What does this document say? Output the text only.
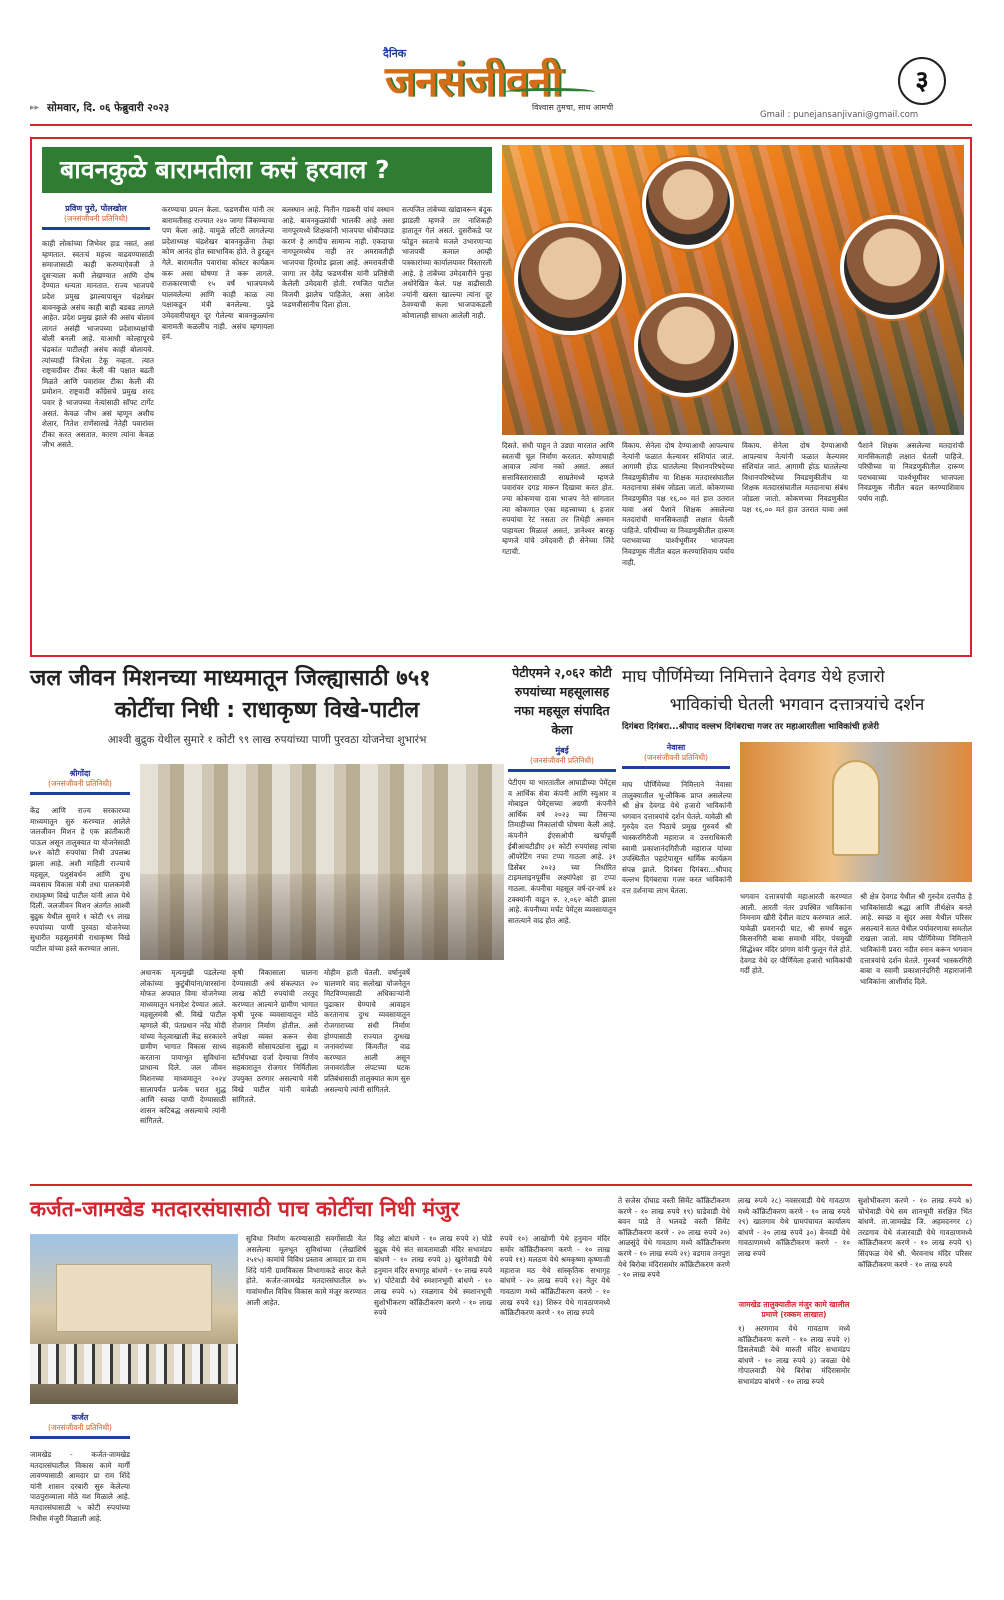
दैनिक
जनसंजीवनी
विश्वास तुमचा, साथ आमची
३
▸▸ सोमवार, दि. ०६ फेब्रुवारी २०२३
Gmail : punejansanjivani@gmail.com
बावनकुळे बारामतीला कसं हरवाल ?
प्रविण पुरो, पोलखोल
(जनसंजीवनी प्रतिनिधी)
काही लोकांच्या जिभेवर हाड नसतं, असं म्हणतात. स्वतःचं महत्त्व वाढवण्यासाठी समाजासाठी काही करण्याऐवजी ते दुसऱ्याला कमी लेखण्यात आणि दोष देण्यात धन्यता मानतात. राज्य भाजपचे प्रदेश प्रमुख झाल्यापासून चंद्रशेखर बावनकुळे असंच काही बाही बडबड लागले आहेत. प्रदेश प्रमुख झाले की असंच बोलावं लागतं असंही भाजपच्या प्रदेशाध्यक्षांची बोली बनली आहे. याआधी कोल्हापूरचे चंद्रकांत पाटीलही असंच काही बोलायचे. त्यांच्याही जिभेला टेकू नव्हता. त्यात राष्ट्रवादीवर टीका केली की पक्षात बढती मिळते आणि पवारांवर टीका केली की प्रमोशन. राष्ट्रवादी काँग्रेसचे प्रमुख शरद पवार हे भाजपच्या नेत्यांसाठी सॉफ्ट टार्गेट असतं. केवळ जीभ असं म्हणून अशीच शेलार, नितेश राणेंसारखे नेतेही पवारांवर टीका करत असतात. कारण त्यांना केवळ जीभ असते.
करण्याचा प्रयत्न केला. फडणवीस यांनी तर बारामतीसह राज्यात २४० जागा जिंकण्याचा पण केला आहे. यामुळे लॉटरी लागलेल्या प्रदेशाध्यक्ष चंद्रशेखर बावनकुळेंना तेव्हा कोण आनंद होत स्वाभाविक होते. ते हुरळून गेले. बारामतीत पवारांचा कोस्टर कार्यक्रम करू असा घोषणा ते करू लागले. राजकारणाची १५ वर्षं भाजपमध्ये घालवलेल्या आणि काही काळ त्या पक्षाकडून मंत्री बनलेल्या. पुढे उमेदवारीपासून दूर गेलेल्या बावनकुळ्यांना बारामती कळलीच नाही. असंच म्हणायला हवं.
बलस्थान आहे. नितीन गडकरी यांचं वस्थान आहे. बावनकुळ्यांची भालकी आहे असा नागपूरमध्ये शिक्षकांनी भाजपचा धोबीपछाड करणं हे अगदीच सामान्य नाही. एकदाचा नागपूरमध्येच नाही तर अमरावतीही भाजपचा हिरमोड झाला आहे. अमरावतीची जागा तर देवेंद्र फडणवीस यांनी प्रतिष्ठेची केलेली उमेदवारी होती. रणजित पाटील विजयी झालेच पाहिजेत, असा आदेश फडणवीसांनीच दिला होता.
सत्यजित तांबेच्या खांद्यावरून बंदूक झाडली म्हणजे तर नाशिकही हातातून गेलं असतं. दुसरीकडे पर फोडून स्वतःचे मजले उभारणाऱ्या भाजपची कमाल आम्ही पत्रकारांच्या कार्यालयावर विस्तारली आहे. हे तांबेंच्या उमेदवारीने पुन्हा अधोरेखित केलं. पक्ष वाढीसाठी ज्यांनी खस्ता खाल्ल्या त्यांना दूर ठेवण्याची कला भाजपाकडली कोणालाही साधता आलेली नाही.
दिसते. संधी पाहून ते उड्या मारतात आणि स्वतःची चूल निर्माण करतात. कोणाचाही आवाज त्यांना नको असतं. असतं सत्ताविस्तारासाठी साम्रतेमध्ये म्हणजे पवारांवर दगड मारून दिखावा करत होत. ज्या कोकणचा दावा भाजप नेते सांगतात त्या कोकणात एका महत्त्वाच्या ६ हजार रुपयांचा रेटं नसता तर तिथेही अस्मान पाहायला मिळालं असतं, ज्ञानेश्वर बारकू म्हणजे यांचे उमेदवारी ही सेनेच्या जिंदे गटाची.
विकाय. सेनेला दोष देण्याआधी आपल्याच नेत्यांनी फळात केल्यावर संशियांत जातं. आगामी होऊ घातलेल्या विधानपरिषदेच्या निवडणुकीतीच या शिक्षक मतदारसंघातील मतदानाचा संबंध जोडला जातो. कोकणच्या निवडणुकीत पक्ष १६,०० मतं हात उतरात यावा असं पैशाने शिक्षक असलेल्या मतदारांची मानसिकताही लक्षात घेतली पाहिजे. परिघीच्या या निवडणुकीतील दारूण पराभवाच्या पार्श्वभूमीवर भाजपला निवडणूक नीतीत बदल करण्याशिवाय पर्याय नाही.
विकाय. सेनेला दोष देण्याआधी आपल्याच नेत्यांनी फळात केल्यावर संशियांत जातं. आगामी होऊ घातलेल्या विधानपरिषदेच्या निवडणुकीतीच या शिक्षक मतदारसंघातील मतदानाचा संबंध जोडला जातो. कोकणच्या निवडणुकीत पक्ष १६,०० मतं हात उतरात यावा असं पैशाने शिक्षक असलेल्या मतदारांची मानसिकताही लक्षात घेतली पाहिजे. परिघीच्या या निवडणुकीतील दारूण पराभवाच्या पार्श्वभूमीवर भाजपला निवडणूक नीतीत बदल करण्याशिवाय पर्याय नाही.
जल जीवन मिशनच्या माध्यमातून जिल्ह्यासाठी ७५१
कोटींचा निधी : राधाकृष्ण विखे-पाटील
आश्वी बुद्रुक येथील सुमारे १ कोटी ९९ लाख रुपयांच्या पाणी पुरवठा योजनेचा शुभारंभ
श्रीगोंदा
(जनसंजीवनी प्रतिनिधी)
केंद्र आणि राज्य सरकारच्या माध्यमातून सुरु करण्यात आलेले जलजीवन मिशन हे एक क्रांतीकारी पाऊल असून तालुक्यात या योजनेसाठी ७५१ कोटी रुपयांचा निधी उपलब्ध झाला आहे. अशी माहिती राज्याचे महसूल, पशुसंवर्धन आणि दुग्ध व्यवसाय विकास मंत्री तथा पालकमंत्री राधाकृष्ण विखे पाटील यांनी आज येथे दिली. जलजीवन मिशन अंतर्गत आश्वी बुद्रुक येथील सुमारे १ कोटी ९९ लाख रुपयांच्या पाणी पुरवठा योजनेच्या सुधारीत महसूलमंत्री राधाकृष्ण विखे पाटील यांच्या हस्ते करण्यात आला.
अधानक मृत्यमुखी पडलेल्या लोकांच्या कुटुंबीयांना/वारसांना मोफत अपघात विमा योजनेच्या माध्यमातून धनादेश देण्यात आले. महसूलमंत्री श्री. विखे पाटील म्हणाले की, पंतप्रधान नरेंद्र मोदी यांच्या नेतृत्वाखाली केंद्र सरकारने ग्रामीण भागात विकास साध्य करताना पायाभूत सुविधांना प्राधान्य दिले. जल जीवन मिशनच्या माध्यमातून २०२४ सालापर्यंत प्रत्येक घरात शुद्ध आणि स्वच्छ पाणी देण्यासाठी शासन कटिबद्ध असल्याचे त्यांनी सांगितले.
कृषी विकासाला चालना देण्यासाठी अर्थ संकल्पात २० लाख कोटी रुपयांची तरतूद करण्यात आल्याने ग्रामीण भागात कृषी पूरक व्यवसायातून मोठे रोजगार निर्माण होतील. असे अपेक्षा व्यक्त करून सेवा सहकारी सोसायट्यांना सुद्धा म स्टॉर्मपध्द्या दर्जा देण्याचा निर्णय सहकारातून रोजगार निर्मितीला उपयुक्त ठरणार असल्याचे मंत्री विखे पाटील यांनी यावेळी सांगितले.
मोहीम हाती घेतली. वर्षानुवर्षे चालणारे वाद सलोखा योजनेतून मिटविण्यासाठी अधिकाऱ्यांनी पुढाकार घेण्याचे आवाहन करतानाच दुग्ध व्यवसायातून रोजगाराच्या संधी निर्माण होण्यासाठी राज्यात दुग्धख जनावरांच्या किंमतीत वाढ करण्यात आली असून जनावरांतील लंपटच्या घटक प्रतिबंधासाठी तालुक्यात काम सुरु असल्याचे त्यांनी सांगितले.
पेटीएमने २,०६२ कोटी रुपयांच्या महसूलासह नफा महसूल संपादित केला
मुंबई
(जनसंजीवनी प्रतिनिधी)
पेटीएम या भारतातील आघाडीच्या पेमेंट्स व आर्थिक सेवा कंपनी आणि स्युआर व मोबाइल पेमेंट्सच्या अग्रणी कंपनीने आर्थिक वर्ष २०२३ च्या तिसऱ्या तिमाहीच्या निकालांची घोषणा केली आहे. कंपनीने ईएसओपी खर्चापूर्वी ईबीआयटीडीए ३१ कोटी रुपयांसह त्यांचा ऑपरेटिंग नफा टप्पा गाठला आहे. ३१ डिसेंबर २०२३ च्या निर्धारित टाइमलाइनपूर्वीच लक्ष्यांपेक्षा हा टप्पा गाठला. कंपनीचा महसूल वर्ष-दर-वर्ष ४२ टक्क्यांनी वाढून रु. २,०६२ कोटी झाला आहे. कंपनीच्या मर्चंट पेमेंट्स व्यवसायातून सातत्याने वाढ होत आहे.
माघ पौर्णिमेच्या निमित्ताने देवगड येथे हजारो
भाविकांची घेतली भगवान दत्तात्रयांचे दर्शन
दिगंबरा दिगंबरा...श्रीपाद वल्लभ दिगंबराचा गजर तर महाआरतीला भाविकांची हजेरी
नेवासा
(जनसंजीवनी प्रतिनिधी)
माघ पौर्णिमेच्या निमित्ताने नेवासा तालुक्यातील भू-लौकिक प्राप्त असलेल्या श्री क्षेत्र देवगड येथे हजारो भाविकांनी भगवान दत्तात्रयांचे दर्शन घेतले. यावेळी श्री गुरुदेव दत्त पिठाचे प्रमुख गुरुवर्य श्री भास्करगिरीजी महाराज व उत्तराधिकारी स्वामी प्रकाशानंदगिरीजी महाराज यांच्या उपस्थितीत पहाटेपासून धार्मिक कार्यक्रम संपन्न झाले. दिगंबरा दिगंबरा...श्रीपाद वल्लभ दिगंबराचा गजर करत भाविकांनी दत्त दर्शनाचा लाभ घेतला.
भगवान दत्तात्रयांची महाआरती करण्यात आली. आरती नंतर उपस्थित भाविकांना निमनाम खीरी देवील वाटप करण्यात आले. यावेळी प्रवरानदी घाट, श्री समर्थ सद्गुरु किसनगिरी बाबा समाधी मंदिर, पंचमुखी सिद्धेश्वर मंदिर प्रांगण यांनी फुलून गेले होते. देवगड येथे दर पौर्णिमेला हजारो भाविकांची गर्दी होते.
श्री क्षेत्र देवगड येथील श्री गुरुदेव दत्तपीठ हे भाविकांसाठी श्रद्धा आणि तीर्थक्षेत्र बनले आहे. स्वच्छ व सुंदर असा येथील परिसर असल्याने सतत येथील पर्यावरणाचा समतोल राखला जातो. माघ पौर्णिमेच्या निमित्ताने भाविकांनी प्रवरा नदीत स्नान करून भगवान दत्तात्रयांचे दर्शन घेतले. गुरुवर्य भास्करगिरी बाबा व स्वामी प्रकाशानंदगिरी महाराजांनी भाविकांना आशीर्वाद दिले.
कर्जत-जामखेड मतदारसंघासाठी पाच कोटींचा निधी मंजुर
कर्जत
(जनसंजीवनी प्रतिनिधी)
जामखेड - कर्जत-जामखेड मतदारसंघातील विकास कामे मार्गी लावण्यासाठी आमदार प्रा राम शिंदे यांनी शासन दरबारी सुरु केलेल्या पाठपुराव्याला मोठे यश मिळाले आहे. मतदारसंघासाठी ५ कोटी रुपयांच्या निधीस मंजुरी मिळाली आहे.
सुविधा निर्माण करण्यासाठी सवर्गोसाठी येत असलेल्या मूलभूत सुविधांच्या (लेखाशिर्ष २५१५) कामांचे विविध प्रस्ताव आमदार प्रा राम शिंदे यांनी ग्रामविकास विभागाकडे सादर केले होते. कर्जत-जामखेड मतदारसंघातील ७५ गावांमधील विविध विकास कामे मंजूर करण्यात आली आहेत.
विठ्ठ ओटा बांधणे - १० लाख रुपये २) घोडे बुद्रुक येथे संत सावतामाळी मंदिर सभामंडप बांधणे - १० लाख रुपये ३) खुरंगेवाडी येथे हनुमान मंदिर सभागृह बांधणे - १० लाख रुपये ४) घोटेवाडी येथे स्मशानभूमी बांधणे - १० लाख रुपये ५) रवळगाव येथे स्मशानभूमी सुशोभीकरण कॉक्रिटीकरण करणे - १० लाख रुपये
रुपये १०) आखोणी येथे हनुमान मंदिर समोर कॉक्रिटीकरण करणे - १० लाख रुपये ११) मलठण येथे श्रमकृष्णा कृष्णाजी महाराज मठ येथे सांस्कृतिक सभागृह बांधणे - २० लाख रुपये १२) नेतुर येथे गावठाण मध्ये कॉक्रिटीकरण करणे - १० लाख रुपये १३) शिरूर येथे गावठाणमध्ये कॉक्रिटीकरण करणे - १० लाख रुपये
ते सजेस दोघाड वस्ती सिमेंट कॉक्रिटीकरण करणे - १० लाख रुपये १९) घाडेवाडी येथे बवन पाडे ते भलवडे वस्ती सिमेंट कॉक्रिटीकरण करणे - २० लाख रुपये २०) आळसुंदे येथे गावठाण मध्ये कॉक्रिटीकरण करणे - १० लाख रुपये २१) वडगाव तनपुरा येथे बिरोबा मंदिरासमोर कॉक्रिटीकरण करणे - १० लाख रुपये
लाख रुपये २८) नवसरवाडी येथे गावठाण मध्ये कॉक्रिटीकरण करणे - १० लाख रुपये २९) खातगाव येथे ग्रामपंचायत कार्यालय बांधणे - २० लाख रुपये ३०) बेनवडी येथे गावठाणमध्ये कॉक्रिटीकरण करणे - १० लाख रुपये
जामखेड तालुक्यातील मंजुर कामे खालील प्रमाणे (रक्कम लाखात)
१) अरणगाव येथे गावठाण मध्ये कॉक्रिटीकरण करणे - १० लाख रुपये २) डिसलेवाडी येथे मारुती मंदिर सभामंडप बांधणे - १० लाख रुपये ३) जवळा येथे गोपालवाडी येथे बिरोबा मंदिरासमोर सभामंडप बांधणे - १० लाख रुपये
सुशोभीकरण करणे - १० लाख रुपये ७) चोभेवाडी येथे सम शानभूमी संरक्षित भिंत बांधणे. ता.जामखेड जि. अहमदनगर ८) तरडगाव येथे वंजारवाडी येथे गावठाणमध्ये कॉक्रिटीकरण करणे - १० लाख रुपये ९) सिंदफळ येथे श्री. भैरवनाथ मंदिर परिसर कॉक्रिटीकरण करणे - १० लाख रुपये
